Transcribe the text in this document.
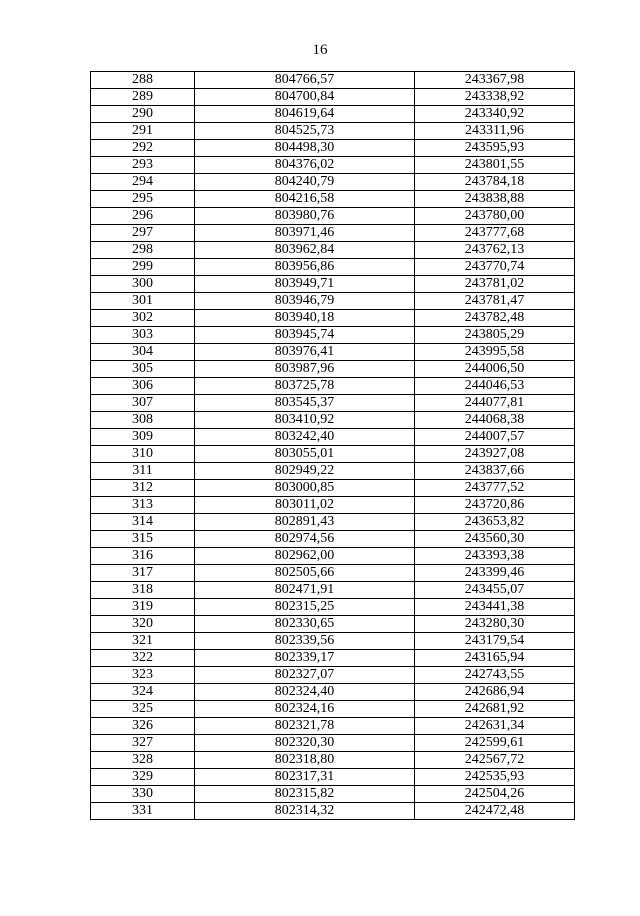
16
288	804766,57	243367,98
289	804700,84	243338,92
290	804619,64	243340,92
291	804525,73	243311,96
292	804498,30	243595,93
293	804376,02	243801,55
294	804240,79	243784,18
295	804216,58	243838,88
296	803980,76	243780,00
297	803971,46	243777,68
298	803962,84	243762,13
299	803956,86	243770,74
300	803949,71	243781,02
301	803946,79	243781,47
302	803940,18	243782,48
303	803945,74	243805,29
304	803976,41	243995,58
305	803987,96	244006,50
306	803725,78	244046,53
307	803545,37	244077,81
308	803410,92	244068,38
309	803242,40	244007,57
310	803055,01	243927,08
311	802949,22	243837,66
312	803000,85	243777,52
313	803011,02	243720,86
314	802891,43	243653,82
315	802974,56	243560,30
316	802962,00	243393,38
317	802505,66	243399,46
318	802471,91	243455,07
319	802315,25	243441,38
320	802330,65	243280,30
321	802339,56	243179,54
322	802339,17	243165,94
323	802327,07	242743,55
324	802324,40	242686,94
325	802324,16	242681,92
326	802321,78	242631,34
327	802320,30	242599,61
328	802318,80	242567,72
329	802317,31	242535,93
330	802315,82	242504,26
331	802314,32	242472,48
